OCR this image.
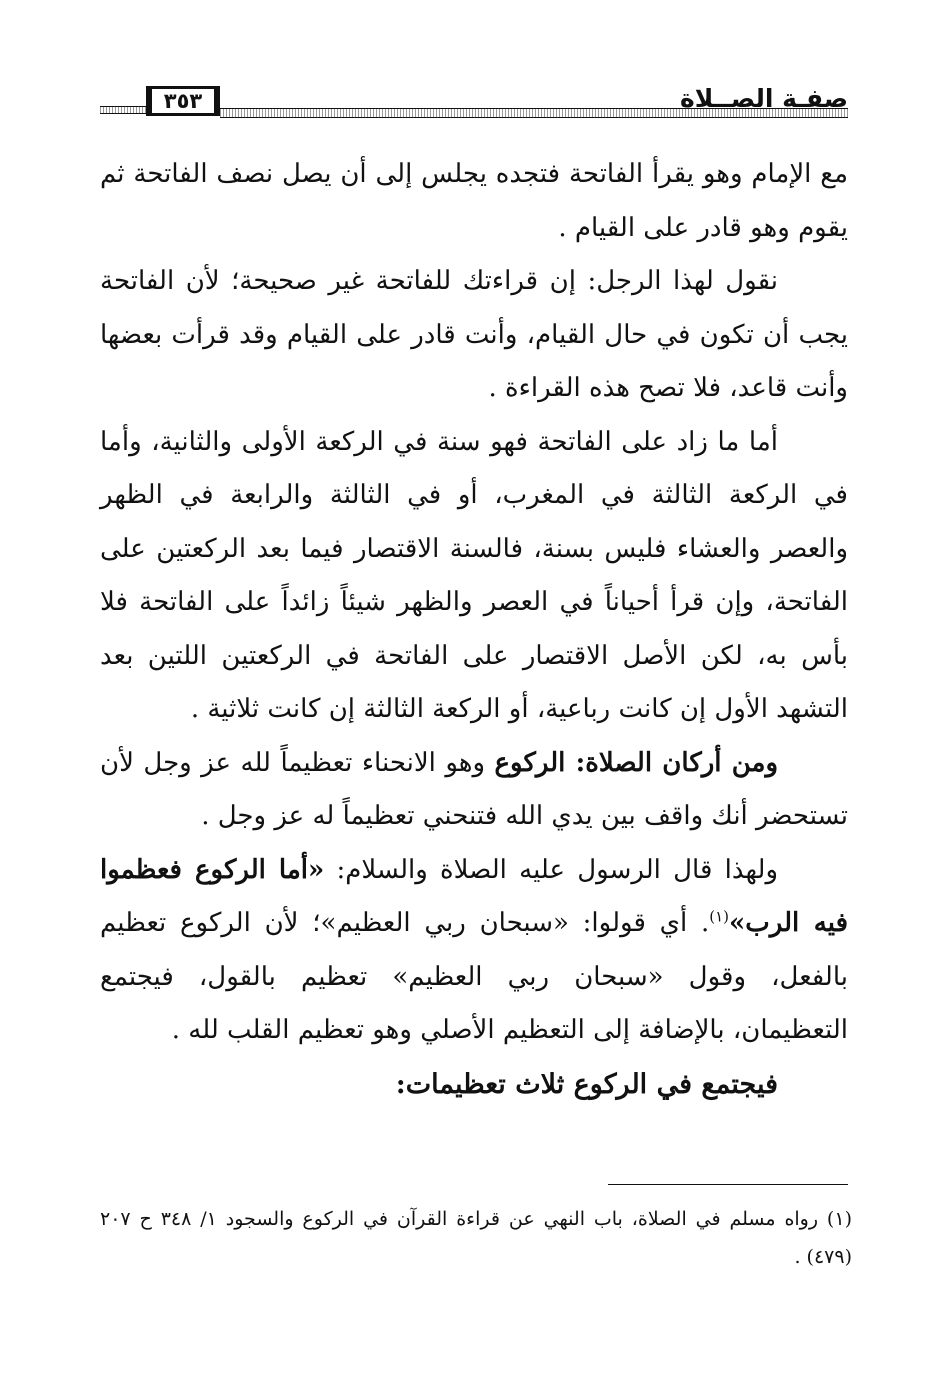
٣٥٣	صفـة الصــلاة

مع الإمام وهو يقرأ الفاتحة فتجده يجلس إلى أن يصل نصف الفاتحة ثم يقوم وهو قادر على القيام .

نقول لهذا الرجل: إن قراءتك للفاتحة غير صحيحة؛ لأن الفاتحة يجب أن تكون في حال القيام، وأنت قادر على القيام وقد قرأت بعضها وأنت قاعد، فلا تصح هذه القراءة .

أما ما زاد على الفاتحة فهو سنة في الركعة الأولى والثانية، وأما في الركعة الثالثة في المغرب، أو في الثالثة والرابعة في الظهر والعصر والعشاء فليس بسنة، فالسنة الاقتصار فيما بعد الركعتين على الفاتحة، وإن قرأ أحياناً في العصر والظهر شيئاً زائداً على الفاتحة فلا بأس به، لكن الأصل الاقتصار على الفاتحة في الركعتين اللتين بعد التشهد الأول إن كانت رباعية، أو الركعة الثالثة إن كانت ثلاثية .

ومن أركان الصلاة: الركوع وهو الانحناء تعظيماً لله عز وجل لأن تستحضر أنك واقف بين يدي الله فتنحني تعظيماً له عز وجل .

ولهذا قال الرسول عليه الصلاة والسلام: «أما الركوع فعظموا فيه الرب»$^{(١)}$. أي قولوا: «سبحان ربي العظيم»؛ لأن الركوع تعظيم بالفعل، وقول «سبحان ربي العظيم» تعظيم بالقول، فيجتمع التعظيمان، بالإضافة إلى التعظيم الأصلي وهو تعظيم القلب لله .

فيجتمع في الركوع ثلاث تعظيمات:

(١) رواه مسلم في الصلاة، باب النهي عن قراءة القرآن في الركوع والسجود ١/ ٣٤٨ ح ٢٠٧ (٤٧٩) .
